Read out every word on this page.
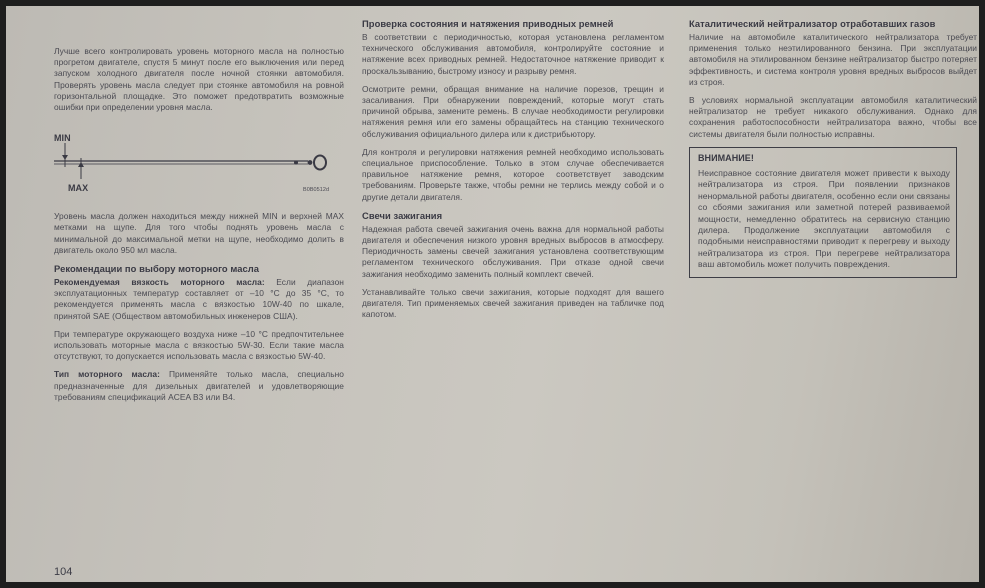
Лучше всего контролировать уровень моторного масла на полностью прогретом двигателе, спустя 5 минут после его выключения или перед запуском холодного двигателя после ночной стоянки автомобиля. Проверять уровень масла следует при стоянке автомобиля на ровной горизонтальной площадке. Это поможет предотвратить возможные ошибки при определении уровня масла.

MIN
MAX	B0B0512d

Уровень масла должен находиться между нижней MIN и верхней MAX метками на щупе. Для того чтобы поднять уровень масла с минимальной до максимальной метки на щупе, необходимо долить в двигатель около 950 мл масла.

Рекомендации по выбору моторного масла

Рекомендуемая вязкость моторного масла: Если диапазон эксплуатационных температур составляет от –10 °С до 35 °С, то рекомендуется применять масла с вязкостью 10W-40 по шкале, принятой SAE (Обществом автомобильных инженеров США).

При температуре окружающего воздуха ниже –10 °С предпочтительнее использовать моторные масла с вязкостью 5W-30. Если такие масла отсутствуют, то допускается использовать масла с вязкостью 5W-40.

Тип моторного масла: Применяйте только масла, специально предназначенные для дизельных двигателей и удовлетворяющие требованиям спецификаций ACEA B3 или B4.

Проверка состояния и натяжения приводных ремней

В соответствии с периодичностью, которая установлена регламентом технического обслуживания автомобиля, контролируйте состояние и натяжение всех приводных ремней. Недостаточное натяжение приводит к проскальзыванию, быстрому износу и разрыву ремня.

Осмотрите ремни, обращая внимание на наличие порезов, трещин и засаливания. При обнаружении повреждений, которые могут стать причиной обрыва, замените ремень. В случае необходимости регулировки натяжения ремня или его замены обращайтесь на станцию технического обслуживания официального дилера или к дистрибьютору.

Для контроля и регулировки натяжения ремней необходимо использовать специальное приспособление. Только в этом случае обеспечивается правильное натяжение ремня, которое соответствует заводским требованиям. Проверьте также, чтобы ремни не терлись между собой и о другие детали двигателя.

Свечи зажигания

Надежная работа свечей зажигания очень важна для нормальной работы двигателя и обеспечения низкого уровня вредных выбросов в атмосферу. Периодичность замены свечей зажигания установлена соответствующим регламентом технического обслуживания. При отказе одной свечи зажигания необходимо заменить полный комплект свечей.

Устанавливайте только свечи зажигания, которые подходят для вашего двигателя. Тип применяемых свечей зажигания приведен на табличке под капотом.

Каталитический нейтрализатор отработавших газов

Наличие на автомобиле каталитического нейтрализатора требует применения только неэтилированного бензина. При эксплуатации автомобиля на этилированном бензине нейтрализатор быстро потеряет эффективность, и система контроля уровня вредных выбросов выйдет из строя.

В условиях нормальной эксплуатации автомобиля каталитический нейтрализатор не требует никакого обслуживания. Однако для сохранения работоспособности нейтрализатора важно, чтобы все системы двигателя были полностью исправны.

ВНИМАНИЕ!
Неисправное состояние двигателя может привести к выходу нейтрализатора из строя. При появлении признаков ненормальной работы двигателя, особенно если они связаны со сбоями зажигания или заметной потерей развиваемой мощности, немедленно обратитесь на сервисную станцию дилера. Продолжение эксплуатации автомобиля с подобными неисправностями приводит к перегреву и выходу нейтрализатора из строя. При перегреве нейтрализатора ваш автомобиль может получить повреждения.
104
